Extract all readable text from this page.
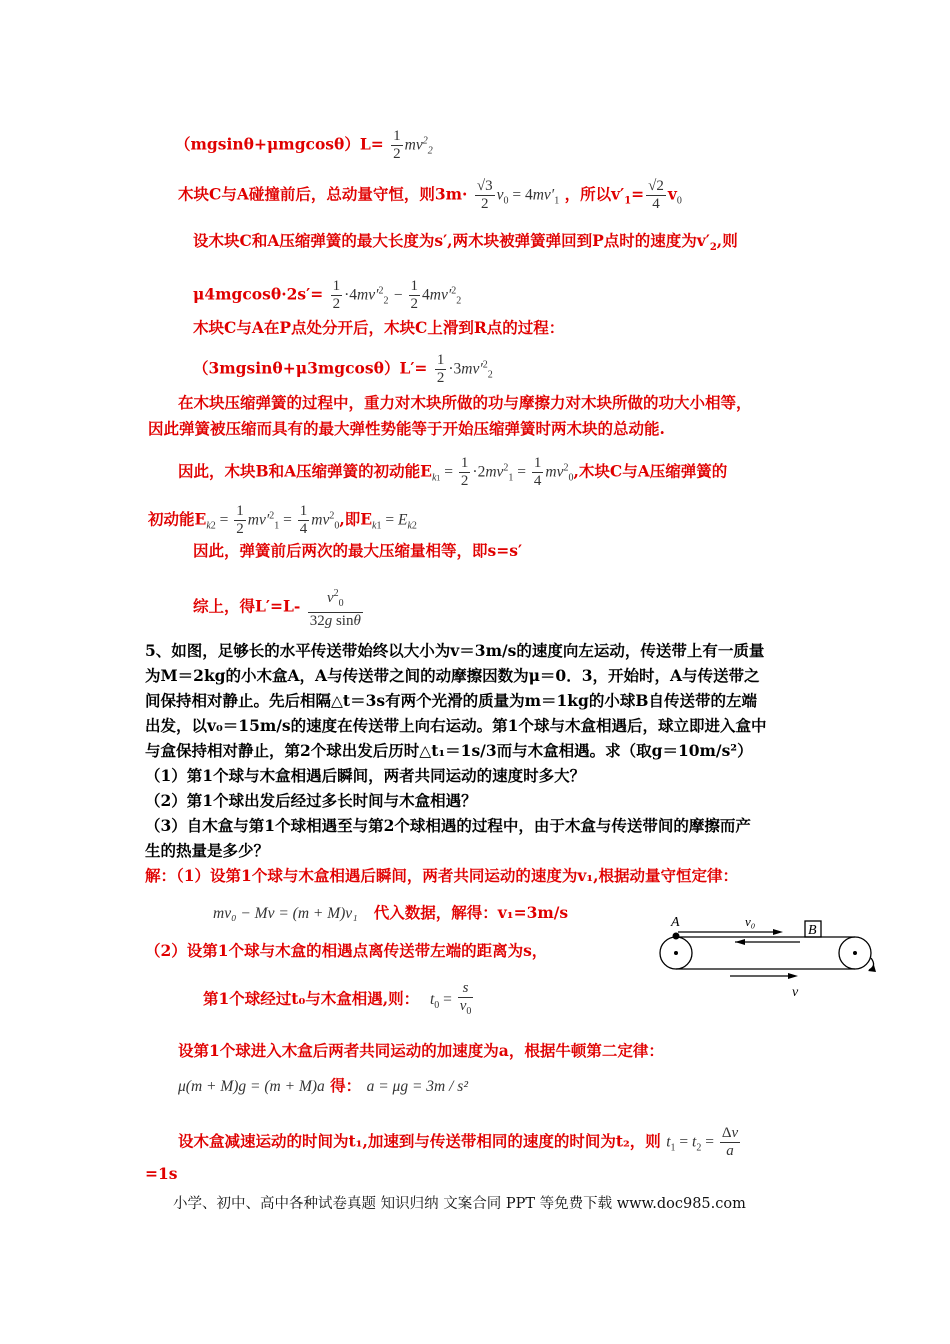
$(mgsin\theta+\mu mgcos\theta)L= \frac{1}{2} mv^2_2$
木块C与A碰撞前后，总动量守恒，则$3m\cdot \frac{√3}{2} v_0 = 4mv'_1$ ，所以$v'_1= \frac{√2}{4} v_0$
设木块C和A压缩弹簧的最大长度为s′,两木块被弹簧弹回到P点时的速度为$v'_2$,则
$\mu 4mgcos\theta\cdot 2s'= \frac{1}{2} \cdot 4mv'^2_2 - \frac{1}{2} 4mv'^2_2$
木块C与A在P点处分开后，木块C上滑到R点的过程：
$(3mgsin\theta+\mu 3mgcos\theta)L'= \frac{1}{2} \cdot 3mv'^2_2$
在木块压缩弹簧的过程中，重力对木块所做的功与摩擦力对木块所做的功大小相等，
因此弹簧被压缩而具有的最大弹性势能等于开始压缩弹簧时两木块的总动能.
因此，木块B和A压缩弹簧的初动能$E_{k1} = \frac{1}{2} \cdot 2mv^2_1 = \frac{1}{4} mv^2_0$,木块C与A压缩弹簧的
初动能$E_{k2} = \frac{1}{2} mv'^2_1 = \frac{1}{4} mv^2_0$,即$E_{k1} = E_{k2}$
因此，弹簧前后两次的最大压缩量相等，即s=s′
综上，得$L'=L- \frac{v^2_0}{\text{32g sinθ}}$
5、如图，足够长的水平传送带始终以大小为v＝3m/s的速度向左运动，传送带上有一质量
为M＝2kg的小木盒A，A与传送带之间的动摩擦因数为μ＝0．3，开始时，A与传送带之
间保持相对静止。先后相隔△t＝3s有两个光滑的质量为m＝1kg的小球B自传送带的左端
出发，以v₀＝15m/s的速度在传送带上向右运动。第1个球与木盒相遇后，球立即进入盒中
与盒保持相对静止，第2个球出发后历时△t₁＝1s/3而与木盒相遇。求（取g＝10m/s²）
（1）第1个球与木盒相遇后瞬间，两者共同运动的速度时多大？
（2）第1个球出发后经过多长时间与木盒相遇？
（3）自木盒与第1个球相遇至与第2个球相遇的过程中，由于木盒与传送带间的摩擦而产
生的热量是多少？
解：（1）设第1个球与木盒相遇后瞬间，两者共同运动的速度为v₁,根据动量守恒定律：
mv₀ − Mv = (m + M)v₁ 代入数据，解得：v₁=3m/s
（2）设第1个球与木盒的相遇点离传送带左端的距离为s，
第1个球经过t₀与木盒相遇,则： $t_0 = \frac{s}{v_0}$
设第1个球进入木盒后两者共同运动的加速度为a，根据牛顿第二定律：
μ(m + M)g = (m + M)a 得： a = μg = 3m / s²
设木盒减速运动的时间为t₁,加速到与传送带相同的速度的时间为t₂，则 $t_1 = t_2 = \frac{\Delta v}{a}$
=1s
A
B
v₀
v
小学、初中、高中各种试卷真题 知识归纳 文案合同 PPT 等免费下载 www.doc985.com
